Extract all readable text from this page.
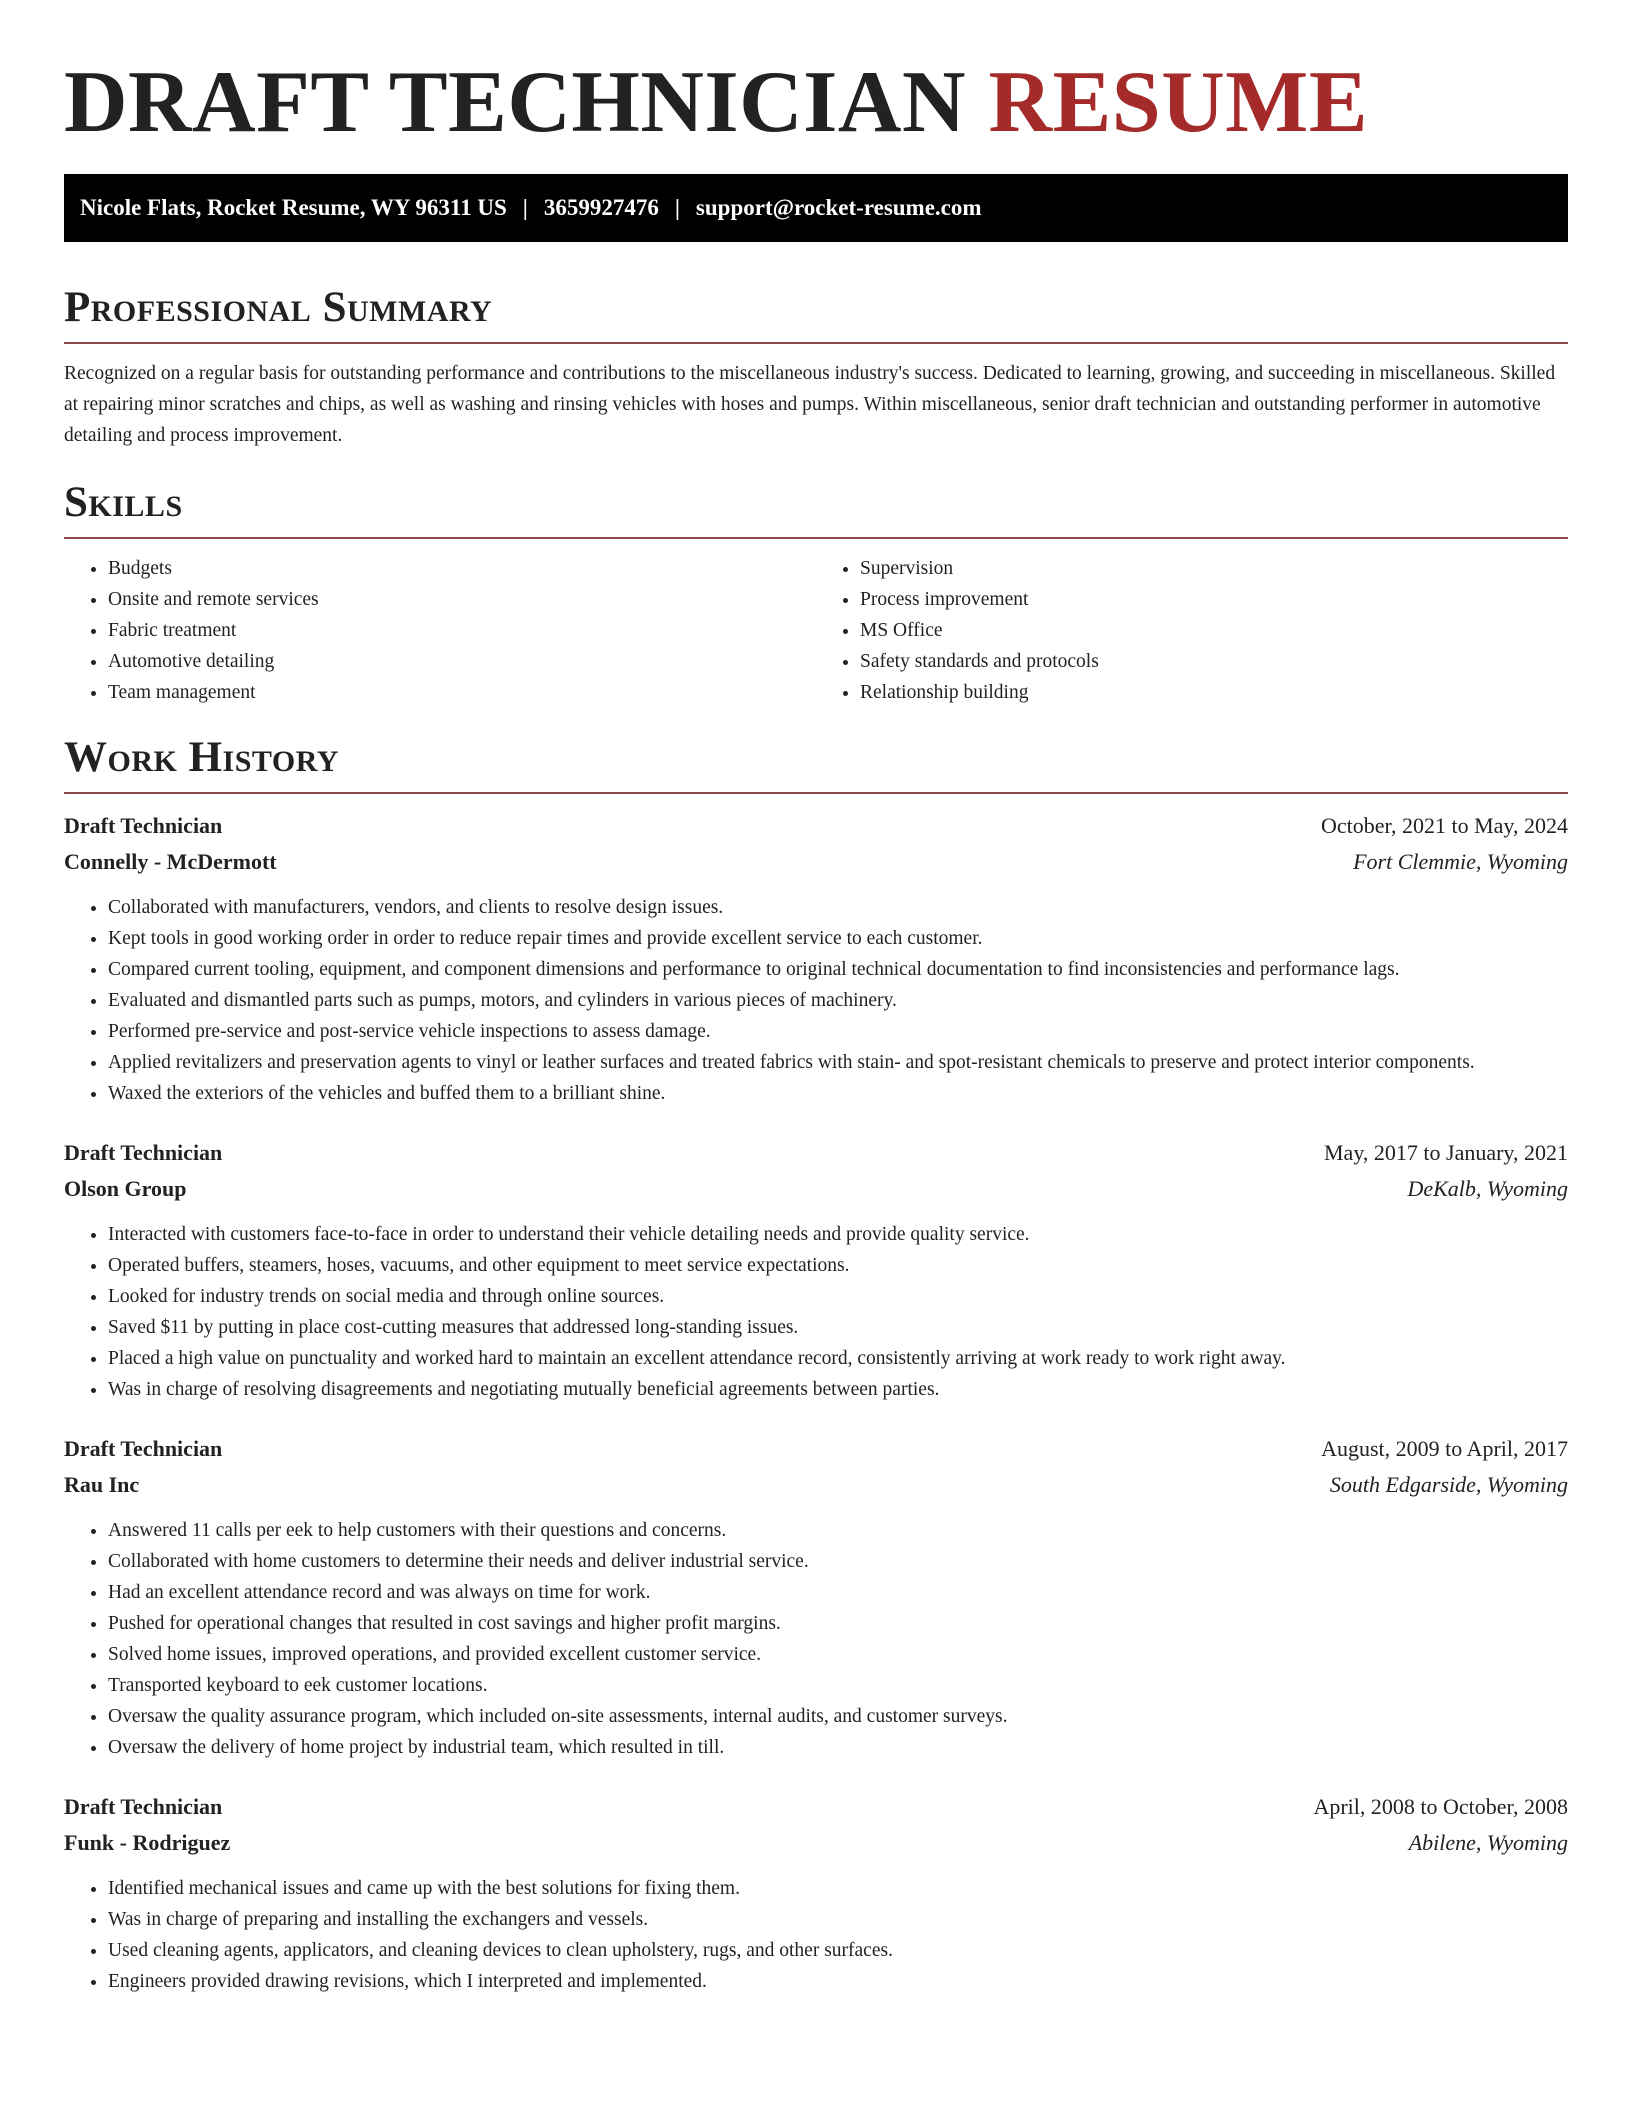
DRAFT TECHNICIAN RESUME
Nicole Flats, Rocket Resume, WY 96311 US | 3659927476 | support@rocket-resume.com
Professional Summary

Recognized on a regular basis for outstanding performance and contributions to the miscellaneous industry's success. Dedicated to learning, growing, and succeeding in miscellaneous. Skilled at repairing minor scratches and chips, as well as washing and rinsing vehicles with hoses and pumps. Within miscellaneous, senior draft technician and outstanding performer in automotive detailing and process improvement.

Skills
• Budgets
• Onsite and remote services
• Fabric treatment
• Automotive detailing
• Team management
• Supervision
• Process improvement
• MS Office
• Safety standards and protocols
• Relationship building
Work History
Draft Technician	October, 2021 to May, 2024
Connelly - McDermott	Fort Clemmie, Wyoming
• Collaborated with manufacturers, vendors, and clients to resolve design issues.
• Kept tools in good working order in order to reduce repair times and provide excellent service to each customer.
• Compared current tooling, equipment, and component dimensions and performance to original technical documentation to find inconsistencies and performance lags.
• Evaluated and dismantled parts such as pumps, motors, and cylinders in various pieces of machinery.
• Performed pre-service and post-service vehicle inspections to assess damage.
• Applied revitalizers and preservation agents to vinyl or leather surfaces and treated fabrics with stain- and spot-resistant chemicals to preserve and protect interior components.
• Waxed the exteriors of the vehicles and buffed them to a brilliant shine.
Draft Technician	May, 2017 to January, 2021
Olson Group	DeKalb, Wyoming
• Interacted with customers face-to-face in order to understand their vehicle detailing needs and provide quality service.
• Operated buffers, steamers, hoses, vacuums, and other equipment to meet service expectations.
• Looked for industry trends on social media and through online sources.
• Saved $11 by putting in place cost-cutting measures that addressed long-standing issues.
• Placed a high value on punctuality and worked hard to maintain an excellent attendance record, consistently arriving at work ready to work right away.
• Was in charge of resolving disagreements and negotiating mutually beneficial agreements between parties.
Draft Technician	August, 2009 to April, 2017
Rau Inc	South Edgarside, Wyoming
• Answered 11 calls per eek to help customers with their questions and concerns.
• Collaborated with home customers to determine their needs and deliver industrial service.
• Had an excellent attendance record and was always on time for work.
• Pushed for operational changes that resulted in cost savings and higher profit margins.
• Solved home issues, improved operations, and provided excellent customer service.
• Transported keyboard to eek customer locations.
• Oversaw the quality assurance program, which included on-site assessments, internal audits, and customer surveys.
• Oversaw the delivery of home project by industrial team, which resulted in till.
Draft Technician	April, 2008 to October, 2008
Funk - Rodriguez	Abilene, Wyoming
• Identified mechanical issues and came up with the best solutions for fixing them.
• Was in charge of preparing and installing the exchangers and vessels.
• Used cleaning agents, applicators, and cleaning devices to clean upholstery, rugs, and other surfaces.
• Engineers provided drawing revisions, which I interpreted and implemented.
